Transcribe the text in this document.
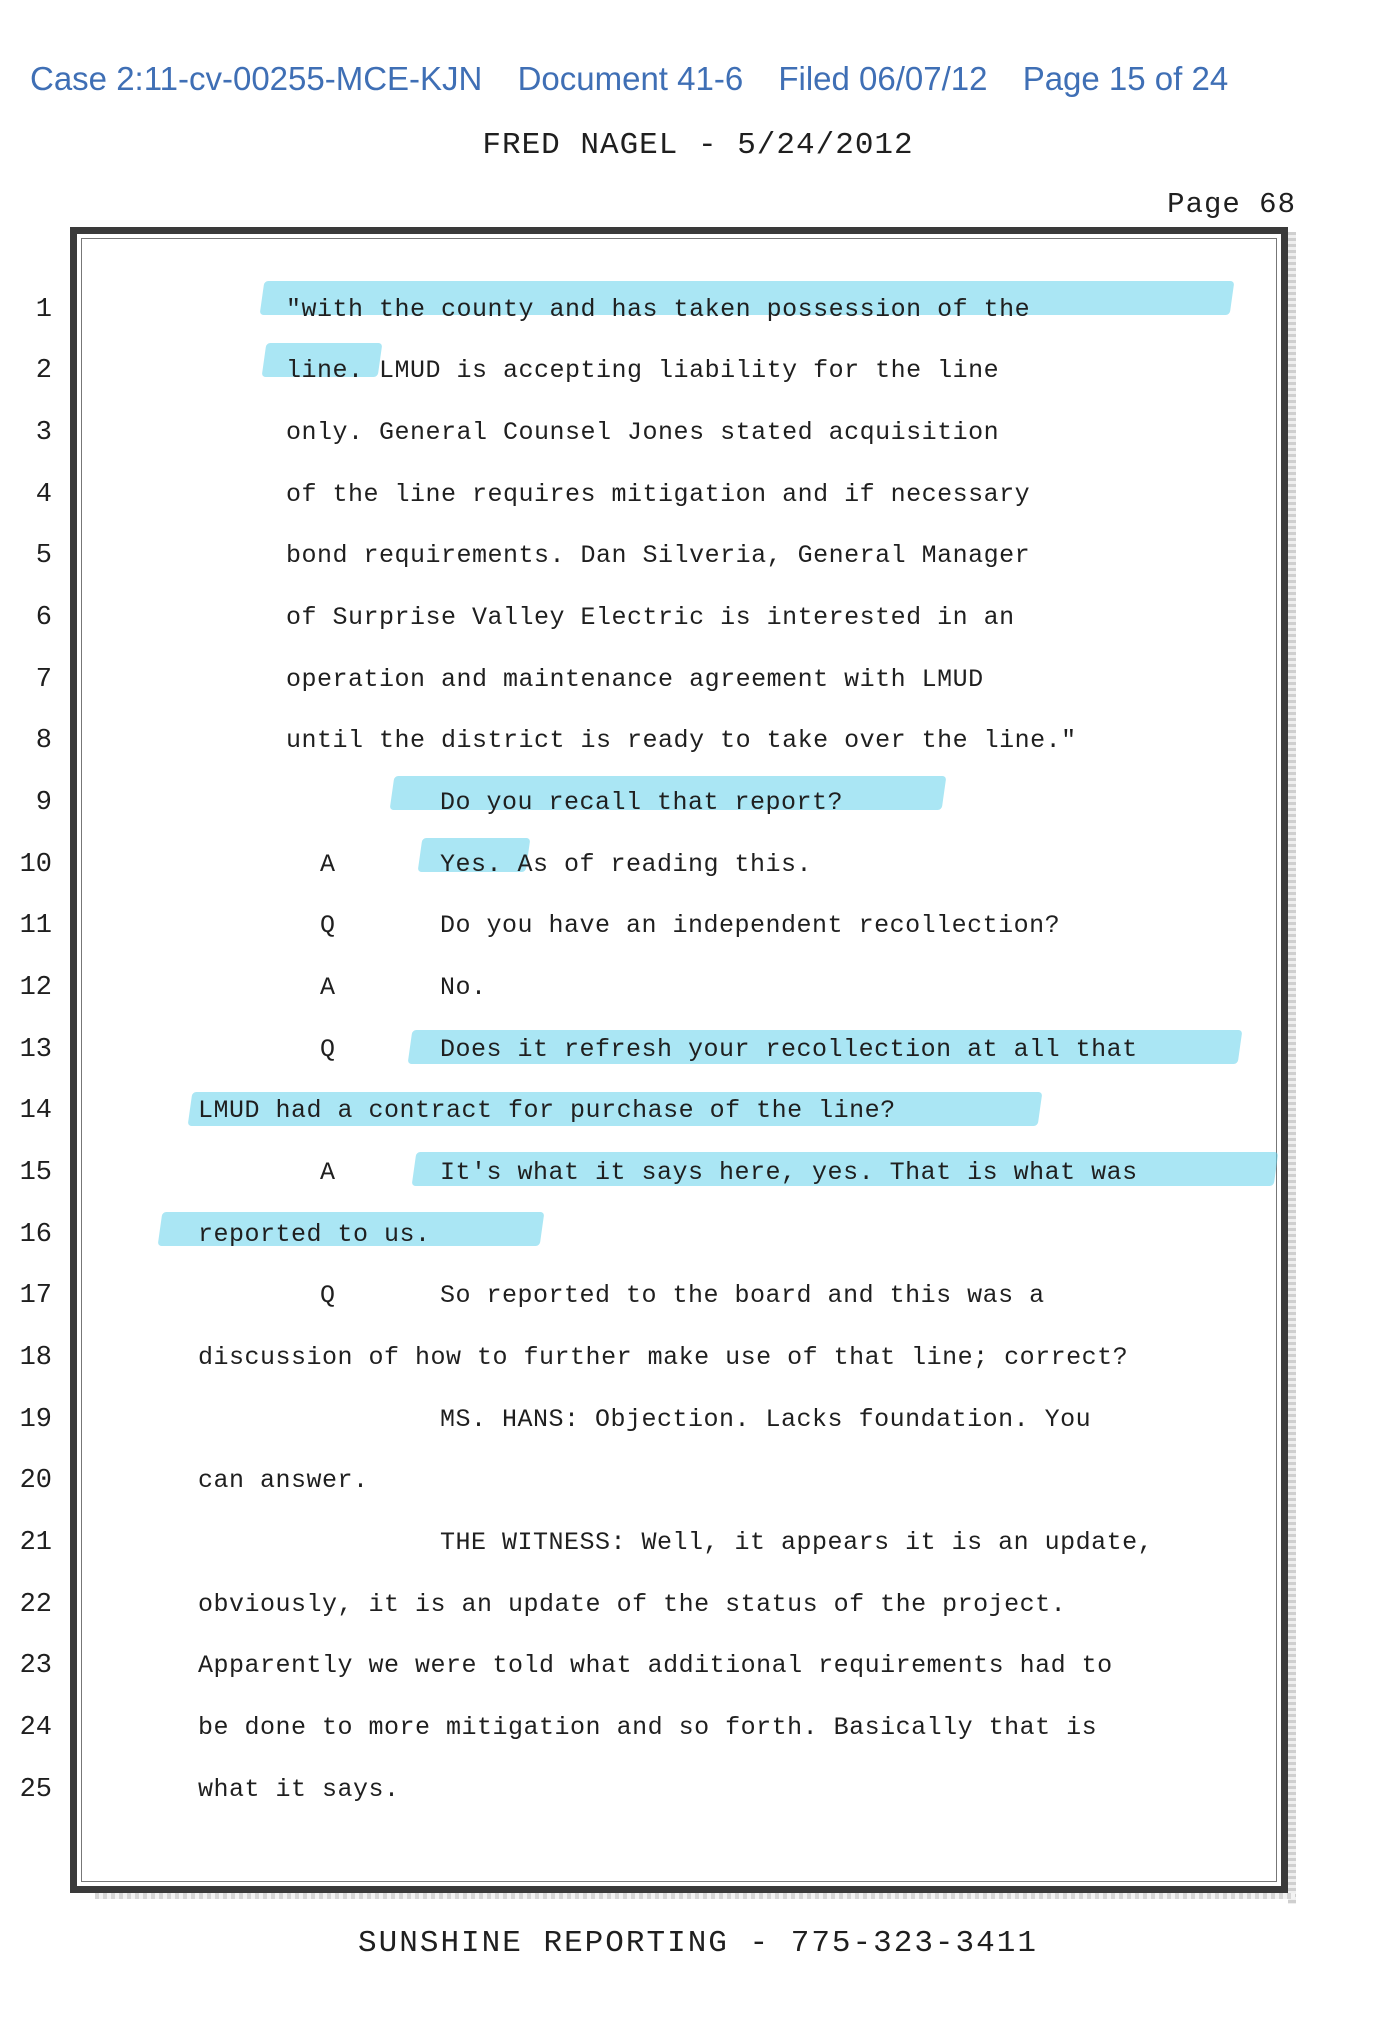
Case 2:11-cv-00255-MCE-KJN Document 41-6 Filed 06/07/12 Page 15 of 24
FRED NAGEL - 5/24/2012
Page 68
1	"with the county and has taken possession of the
2	line. LMUD is accepting liability for the line
3	only. General Counsel Jones stated acquisition
4	of the line requires mitigation and if necessary
5	bond requirements. Dan Silveria, General Manager
6	of Surprise Valley Electric is interested in an
7	operation and maintenance agreement with LMUD
8	until the district is ready to take over the line."
9	Do you recall that report?
10	A	Yes. As of reading this.
11	Q	Do you have an independent recollection?
12	A	No.
13	Q	Does it refresh your recollection at all that
14	LMUD had a contract for purchase of the line?
15	A	It's what it says here, yes. That is what was
16	reported to us.
17	Q	So reported to the board and this was a
18	discussion of how to further make use of that line; correct?
19	MS. HANS: Objection. Lacks foundation. You
20	can answer.
21	THE WITNESS: Well, it appears it is an update,
22	obviously, it is an update of the status of the project.
23	Apparently we were told what additional requirements had to
24	be done to more mitigation and so forth. Basically that is
25	what it says.
SUNSHINE REPORTING - 775-323-3411
